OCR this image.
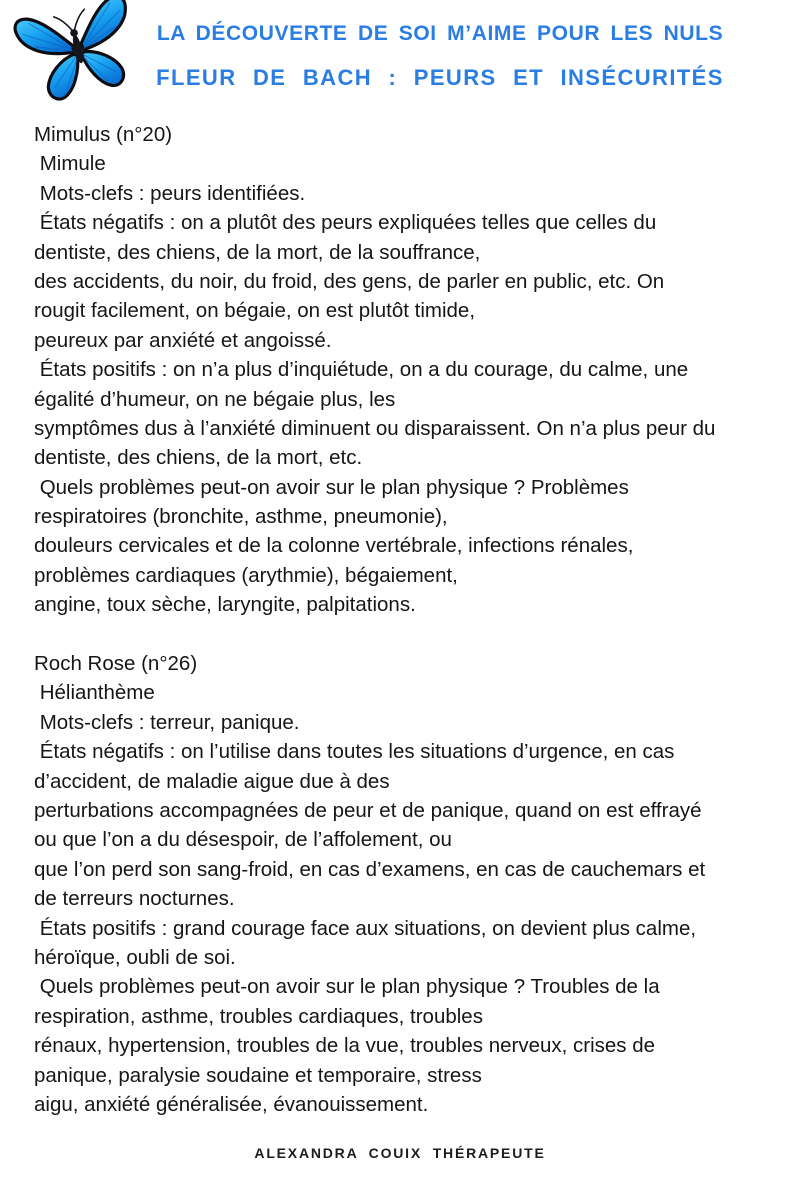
LA DÉCOUVERTE DE SOI M’AIME POUR LES NULS
FLEUR DE BACH : PEURS ET INSÉCURITÉS
Mimulus (n°20)
Mimule
Mots-clefs : peurs identifiées.
États négatifs : on a plutôt des peurs expliquées telles que celles du
dentiste, des chiens, de la mort, de la souffrance,
des accidents, du noir, du froid, des gens, de parler en public, etc. On
rougit facilement, on bégaie, on est plutôt timide,
peureux par anxiété et angoissé.
États positifs : on n’a plus d’inquiétude, on a du courage, du calme, une
égalité d’humeur, on ne bégaie plus, les
symptômes dus à l’anxiété diminuent ou disparaissent. On n’a plus peur du
dentiste, des chiens, de la mort, etc.
Quels problèmes peut-on avoir sur le plan physique ? Problèmes
respiratoires (bronchite, asthme, pneumonie),
douleurs cervicales et de la colonne vertébrale, infections rénales,
problèmes cardiaques (arythmie), bégaiement,
angine, toux sèche, laryngite, palpitations.
Roch Rose (n°26)
Hélianthème
Mots-clefs : terreur, panique.
États négatifs : on l’utilise dans toutes les situations d’urgence, en cas
d’accident, de maladie aigue due à des
perturbations accompagnées de peur et de panique, quand on est effrayé
ou que l’on a du désespoir, de l’affolement, ou
que l’on perd son sang-froid, en cas d’examens, en cas de cauchemars et
de terreurs nocturnes.
États positifs : grand courage face aux situations, on devient plus calme,
héroïque, oubli de soi.
Quels problèmes peut-on avoir sur le plan physique ? Troubles de la
respiration, asthme, troubles cardiaques, troubles
rénaux, hypertension, troubles de la vue, troubles nerveux, crises de
panique, paralysie soudaine et temporaire, stress
aigu, anxiété généralisée, évanouissement.
ALEXANDRA COUIX THÉRAPEUTE
